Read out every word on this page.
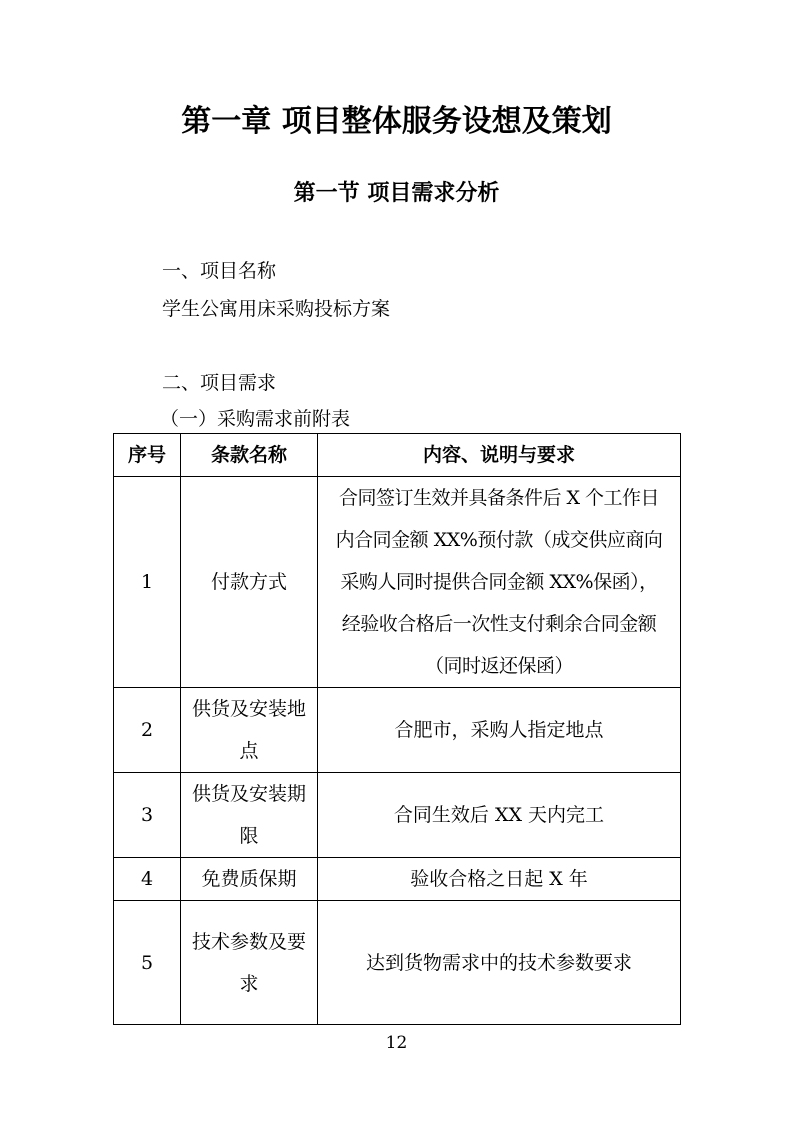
第一章 项目整体服务设想及策划
第一节 项目需求分析
一、项目名称
学生公寓用床采购投标方案
二、项目需求
（一）采购需求前附表
序号	条款名称	内容、说明与要求
1	付款方式	合同签订生效并具备条件后 X 个工作日
内合同金额 XX%预付款（成交供应商向
采购人同时提供合同金额 XX%保函），
经验收合格后一次性支付剩余合同金额
（同时返还保函）

2	供货及安装地点	合肥市，采购人指定地点
3	供货及安装期限	合同生效后 XX 天内完工
4	免费质保期	验收合格之日起 X 年
5	技术参数及要求	达到货物需求中的技术参数要求
12
